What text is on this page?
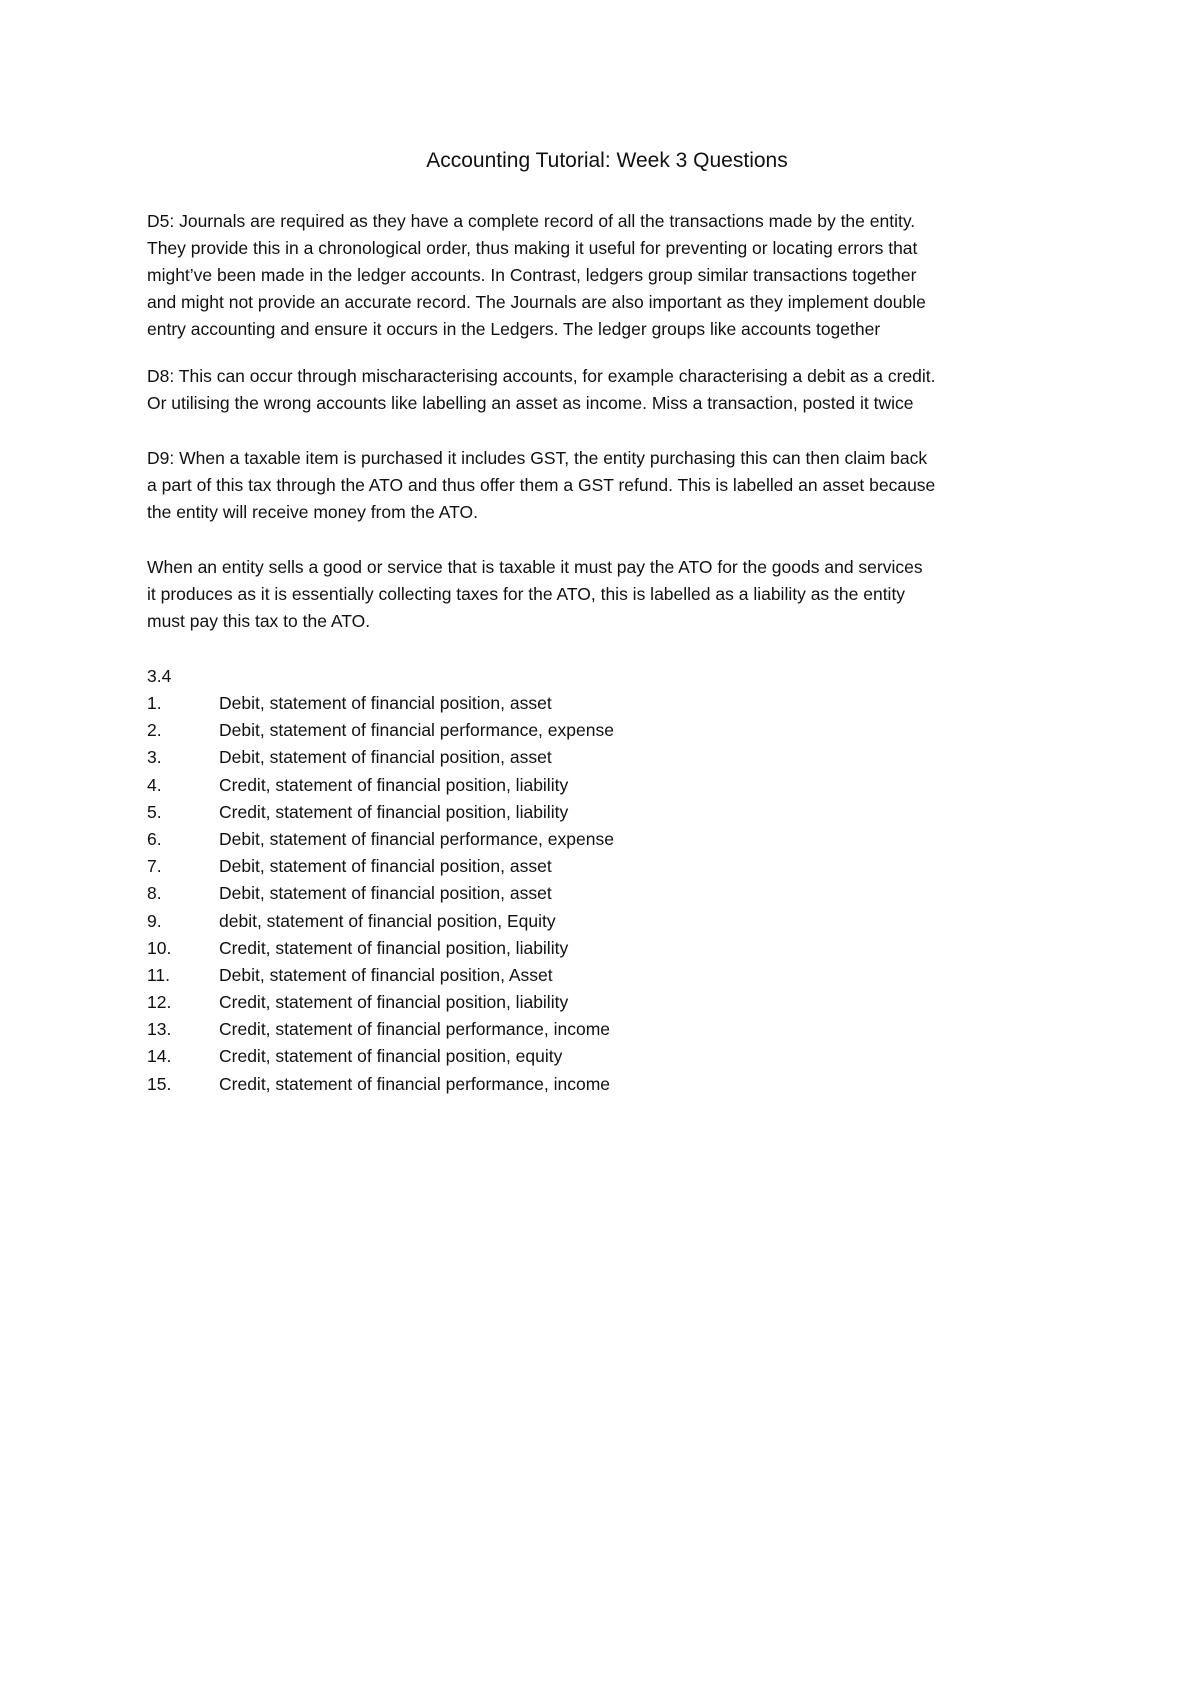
Accounting Tutorial: Week 3 Questions

D5: Journals are required as they have a complete record of all the transactions made by the entity.
They provide this in a chronological order, thus making it useful for preventing or locating errors that
might’ve been made in the ledger accounts. In Contrast, ledgers group similar transactions together
and might not provide an accurate record. The Journals are also important as they implement double
entry accounting and ensure it occurs in the Ledgers. The ledger groups like accounts together

D8: This can occur through mischaracterising accounts, for example characterising a debit as a credit.
Or utilising the wrong accounts like labelling an asset as income. Miss a transaction, posted it twice

D9: When a taxable item is purchased it includes GST, the entity purchasing this can then claim back
a part of this tax through the ATO and thus offer them a GST refund. This is labelled an asset because
the entity will receive money from the ATO.

When an entity sells a good or service that is taxable it must pay the ATO for the goods and services
it produces as it is essentially collecting taxes for the ATO, this is labelled as a liability as the entity
must pay this tax to the ATO.

3.4
1.	Debit, statement of financial position, asset
2.	Debit, statement of financial performance, expense
3.	Debit, statement of financial position, asset
4.	Credit, statement of financial position, liability
5.	Credit, statement of financial position, liability
6.	Debit, statement of financial performance, expense
7.	Debit, statement of financial position, asset
8.	Debit, statement of financial position, asset
9.	debit, statement of financial position, Equity
10.	Credit, statement of financial position, liability
11.	Debit, statement of financial position, Asset
12.	Credit, statement of financial position, liability
13.	Credit, statement of financial performance, income
14.	Credit, statement of financial position, equity
15.	Credit, statement of financial performance, income
